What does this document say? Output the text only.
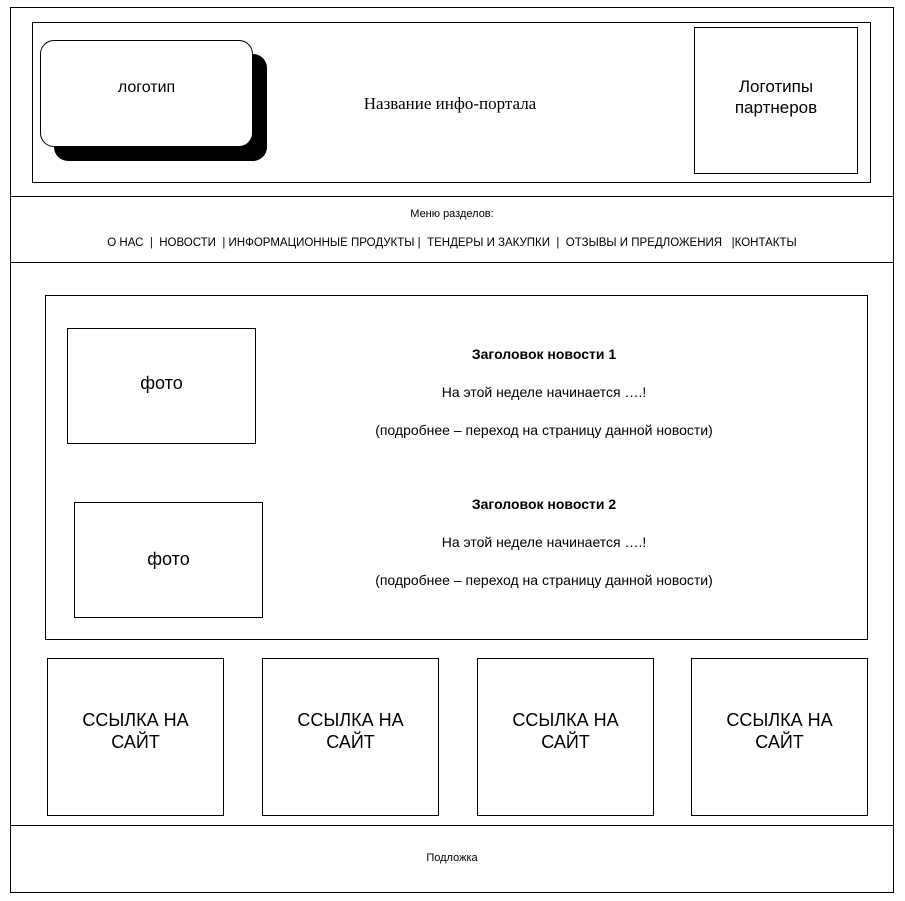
логотип
Название инфо-портала
Логотипы
партнеров
Меню разделов:
О НАС | НОВОСТИ | ИНФОРМАЦИОННЫЕ ПРОДУКТЫ | ТЕНДЕРЫ И ЗАКУПКИ | ОТЗЫВЫ И ПРЕДЛОЖЕНИЯ |КОНТАКТЫ
фото
Заголовок новости 1
На этой неделе начинается ….!
(подробнее – переход на страницу данной новости)
фото
Заголовок новости 2
На этой неделе начинается ….!
(подробнее – переход на страницу данной новости)
ССЫЛКА НА
САЙТ
ССЫЛКА НА
САЙТ
ССЫЛКА НА
САЙТ
ССЫЛКА НА
САЙТ
Подложка
